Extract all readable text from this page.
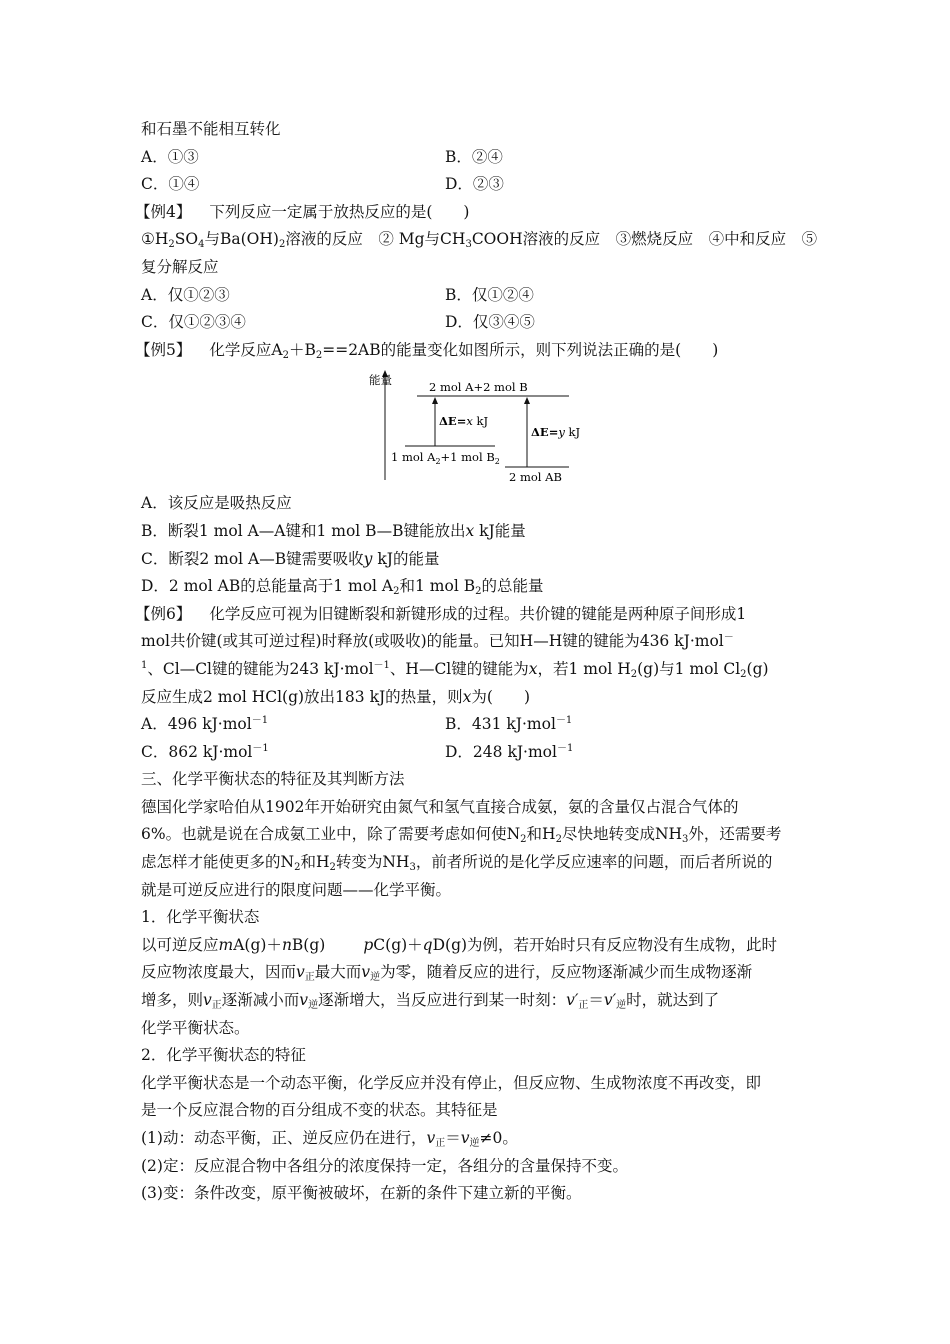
和石墨不能相互转化
A．①③	B．②④
C．①④	D．②③
【例4】 下列反应一定属于放热反应的是(　　)
$①H_2SO_4$与$Ba(OH)_2$溶液的反应　② Mg与$CH_3COOH$溶液的反应　③燃烧反应　④中和反应　⑤
复分解反应
A．仅①②③	B．仅①②④
C．仅①②③④	D．仅③④⑤
【例5】 化学反应$A_2+B_2==2AB$的能量变化如图所示，则下列说法正确的是(　　)
能量	2 mol A+2 mol B
1 mol $A_2+1$ mol $B_2$
2 mol AB
ΔE=x kJ
ΔE=y kJ
A．该反应是吸热反应
B．断裂1 mol A—A键和1 mol B—B键能放出x kJ能量
C．断裂2 mol A—B键需要吸收y kJ的能量
D．2 mol AB的总能量高于1 mol $A_2$和1 mol $B_2$的总能量
【例6】 化学反应可视为旧键断裂和新键形成的过程。共价键的键能是两种原子间形成1
mol共价键(或其可逆过程)时释放(或吸收)的能量。已知H—H键的键能为436 kJ·mol－
$^1$、Cl—Cl键的键能为243 kJ·mol$^{-1}$、H—Cl键的键能为x，若1 mol $H_2(g)$与1 mol $Cl_2(g)$
反应生成2 mol HCl(g)放出183 kJ的热量，则x为(　　)
A．496 kJ·mol$^{-1}$	B．431 kJ·mol$^{-1}$
C．862 kJ·mol$^{-1}$	D．248 kJ·mol$^{-1}$
三、化学平衡状态的特征及其判断方法
德国化学家哈伯从1902年开始研究由氮气和氢气直接合成氨，氨的含量仅占混合气体的
6%。也就是说在合成氨工业中，除了需要考虑如何使$N_2$和$H_2$尽快地转变成$NH_3$外，还需要考
虑怎样才能使更多的$N_2$和$H_2$转变为$NH_3$，前者所说的是化学反应速率的问题，而后者所说的
就是可逆反应进行的限度问题——化学平衡。
1．化学平衡状态
以可逆反应mA(g)＋nB(g) pC(g)＋qD(g)为例，若开始时只有反应物没有生成物，此时
反应物浓度最大，因而$v_正$最大而$v_逆$为零，随着反应的进行，反应物逐渐减少而生成物逐渐
增多，则$v_正$逐渐减小而$v_逆$逐渐增大，当反应进行到某一时刻：$v'_正=v'_逆$时，就达到了
化学平衡状态。
2．化学平衡状态的特征
化学平衡状态是一个动态平衡，化学反应并没有停止，但反应物、生成物浓度不再改变，即
是一个反应混合物的百分组成不变的状态。其特征是
(1)动：动态平衡，正、逆反应仍在进行，$v_正=v_逆\ne 0$。
(2)定：反应混合物中各组分的浓度保持一定，各组分的含量保持不变。
(3)变：条件改变，原平衡被破坏，在新的条件下建立新的平衡。
